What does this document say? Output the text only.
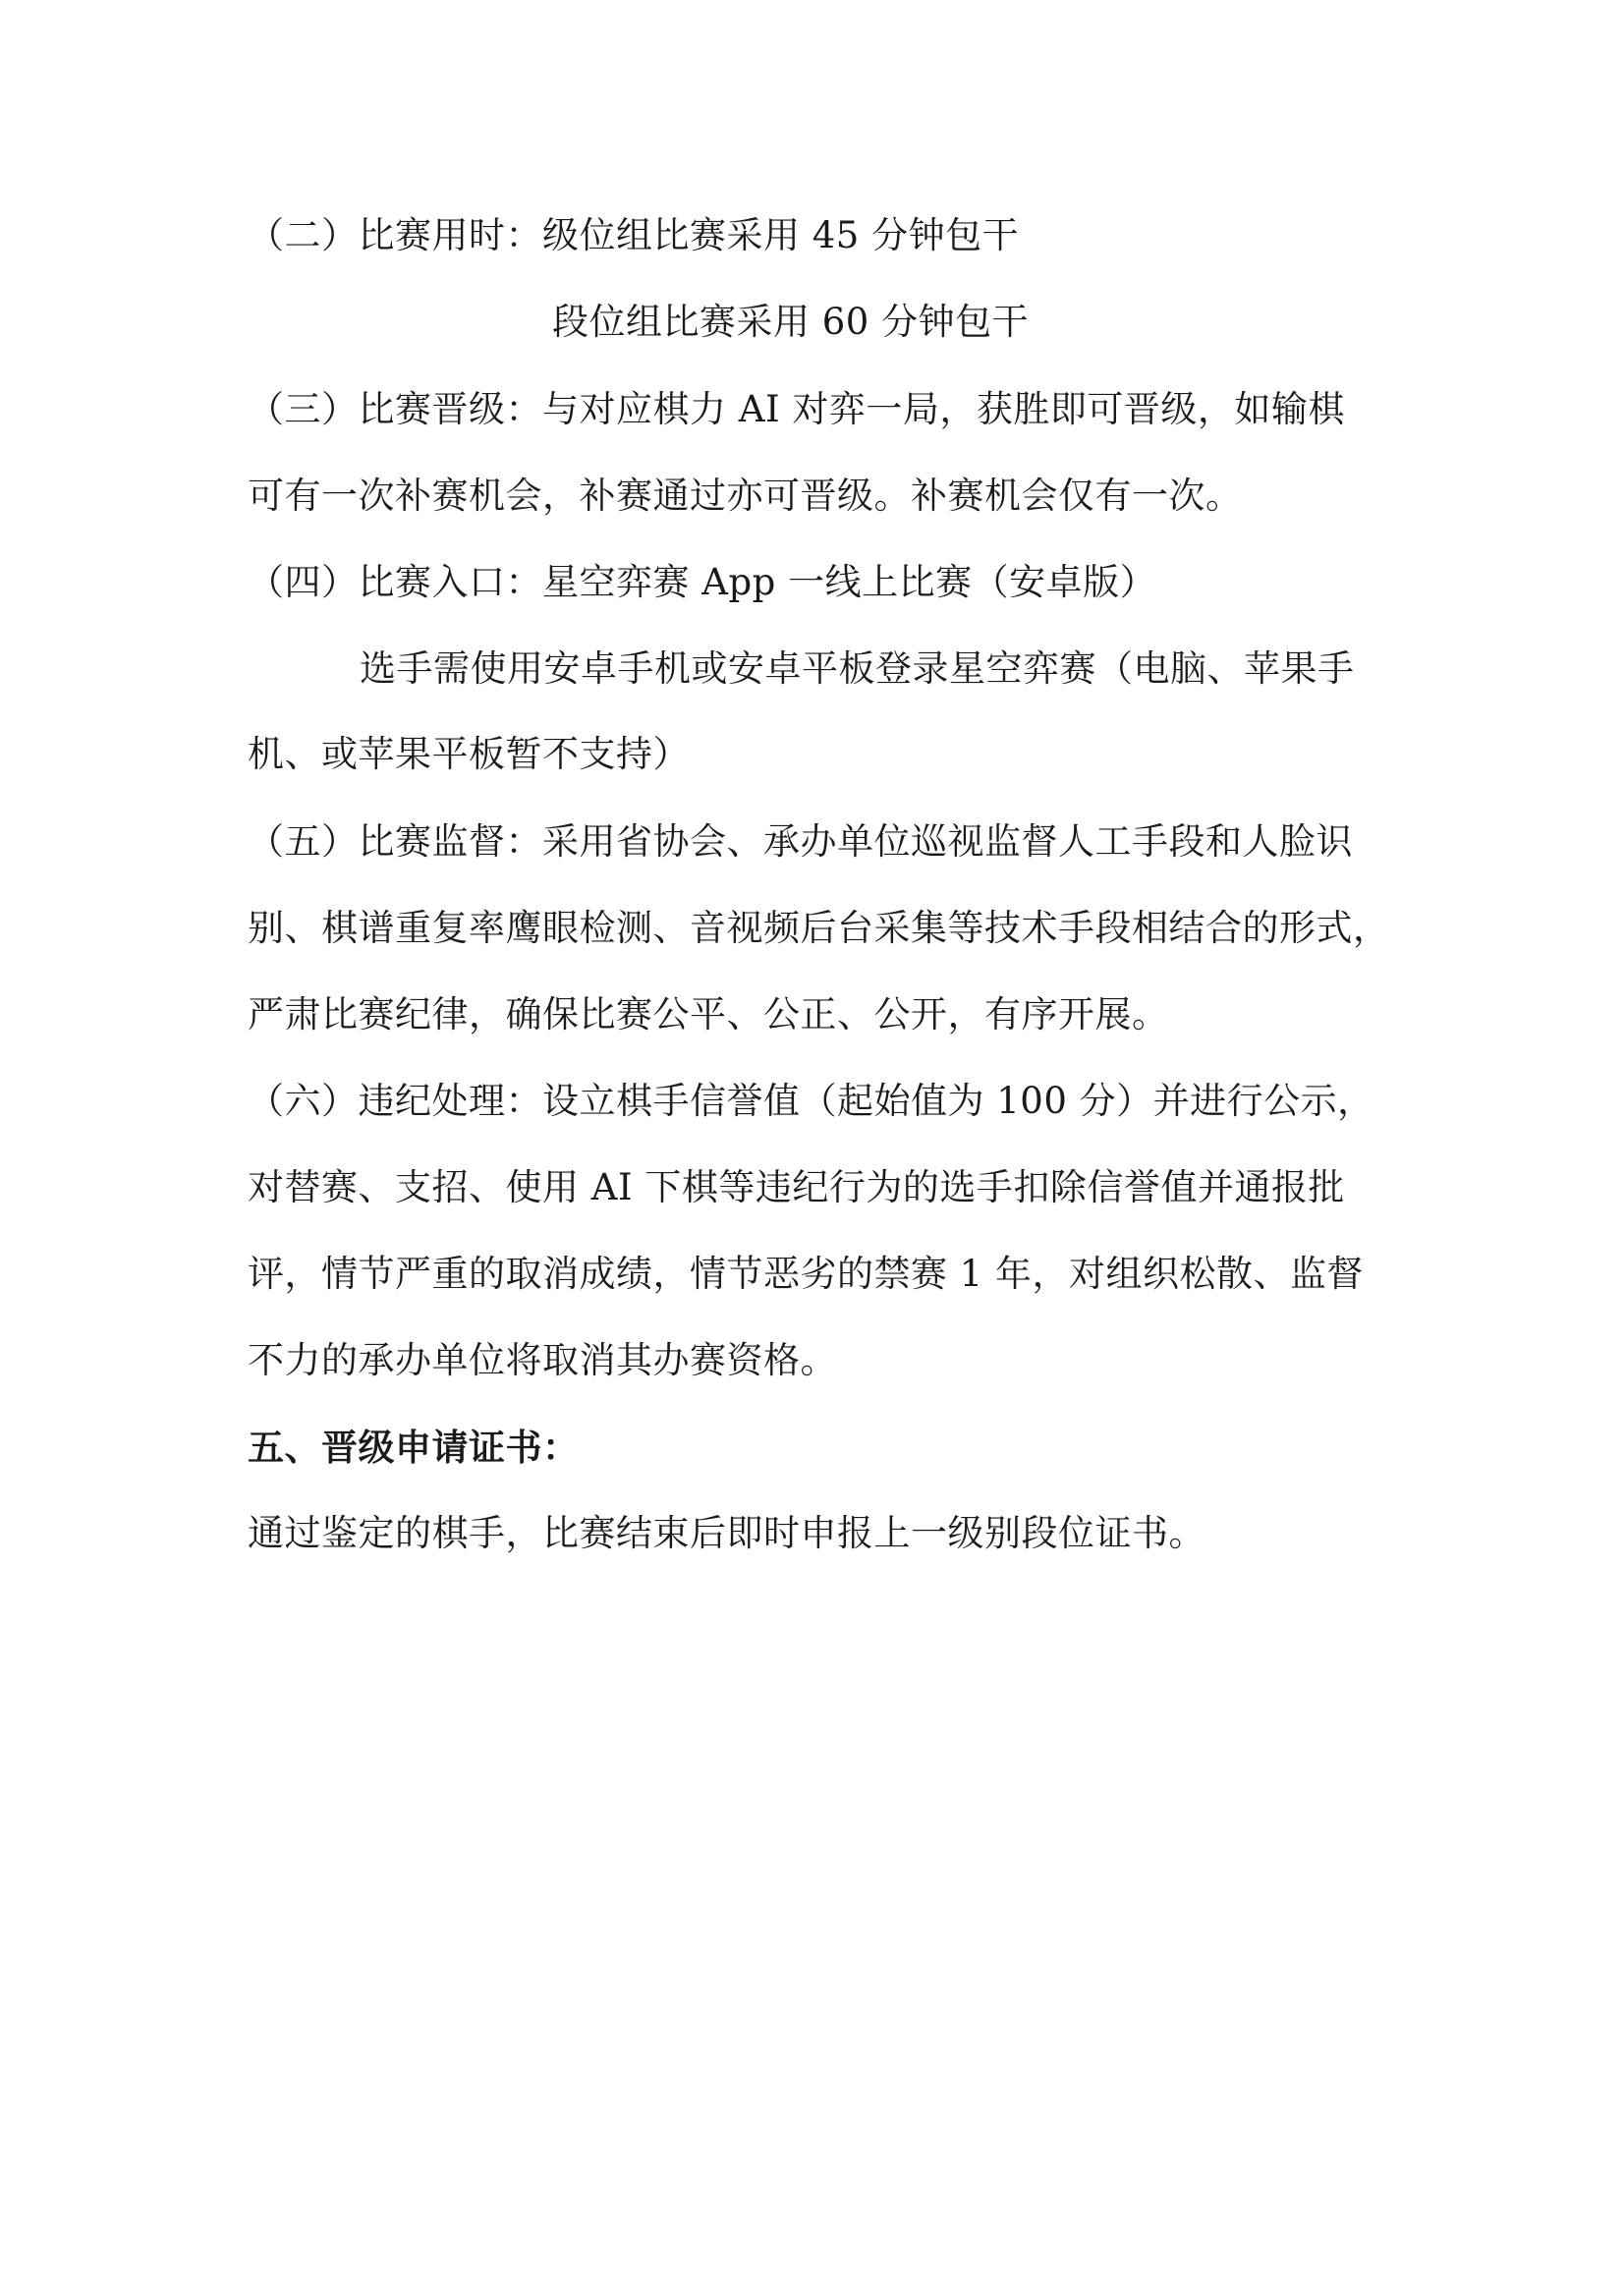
（二）比赛用时：级位组比赛采用 45 分钟包干
段位组比赛采用 60 分钟包干
（三）比赛晋级：与对应棋力 AI 对弈一局，获胜即可晋级，如输棋
可有一次补赛机会，补赛通过亦可晋级。补赛机会仅有一次。
（四）比赛入口：星空弈赛 App 一线上比赛（安卓版）
选手需使用安卓手机或安卓平板登录星空弈赛（电脑、苹果手
机、或苹果平板暂不支持）
（五）比赛监督：采用省协会、承办单位巡视监督人工手段和人脸识
别、棋谱重复率鹰眼检测、音视频后台采集等技术手段相结合的形式，
严肃比赛纪律，确保比赛公平、公正、公开，有序开展。
（六）违纪处理：设立棋手信誉值（起始值为 100 分）并进行公示，
对替赛、支招、使用 AI 下棋等违纪行为的选手扣除信誉值并通报批
评，情节严重的取消成绩，情节恶劣的禁赛 1 年，对组织松散、监督
不力的承办单位将取消其办赛资格。
五、晋级申请证书：
通过鉴定的棋手，比赛结束后即时申报上一级别段位证书。
